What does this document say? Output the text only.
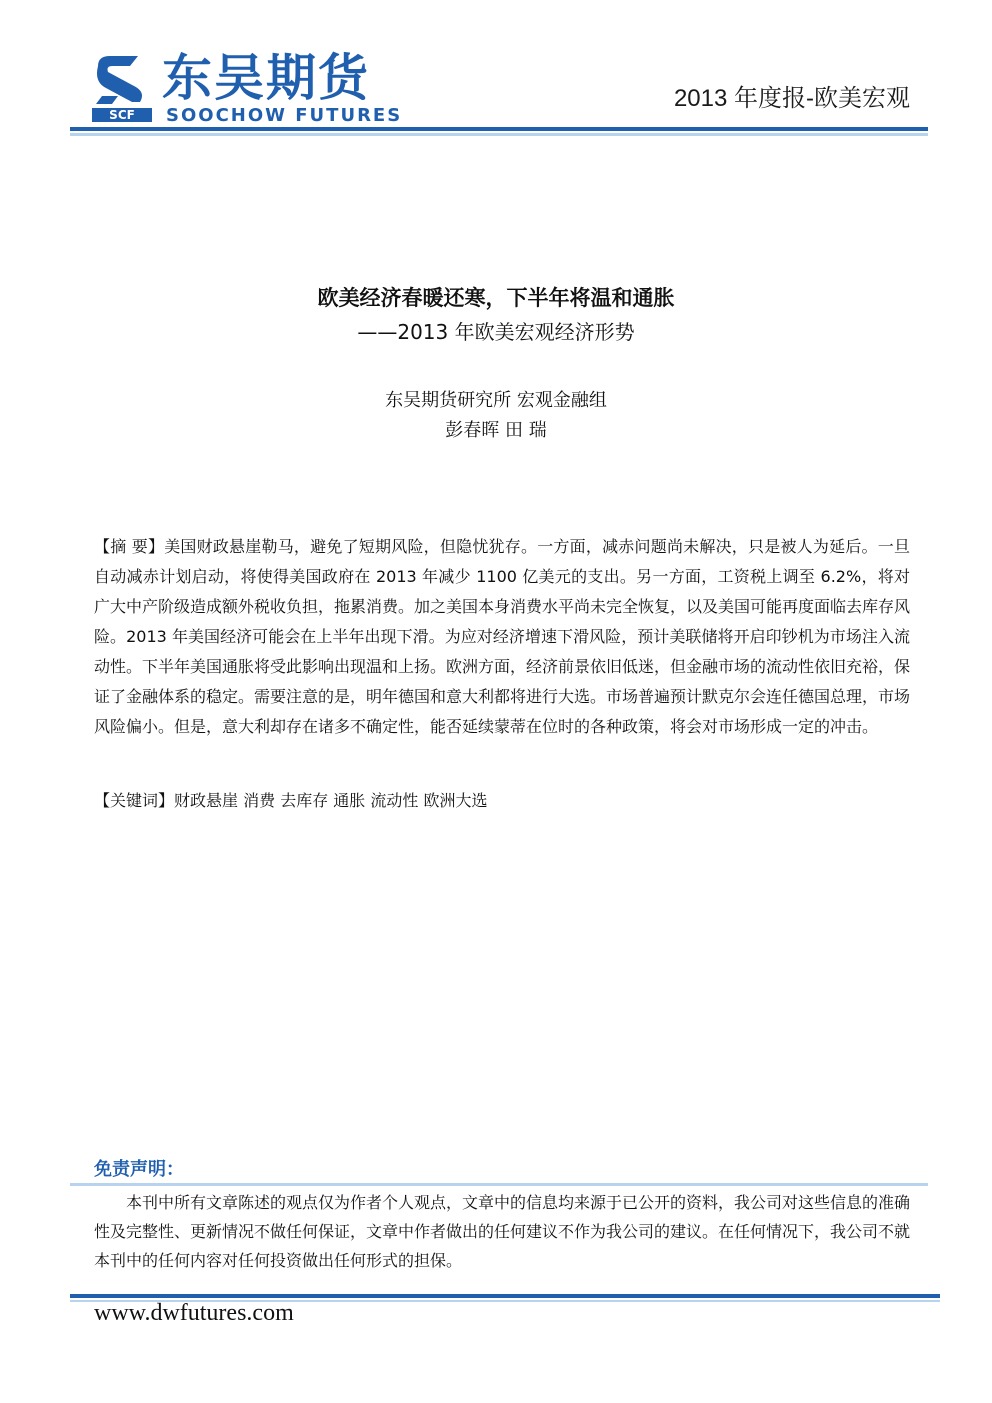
SCF
东吴期货
SOOCHOW FUTURES
2013 年度报-欧美宏观
欧美经济春暖还寒，下半年将温和通胀
——2013 年欧美宏观经济形势
东吴期货研究所 宏观金融组
彭春晖 田 瑞
【摘 要】美国财政悬崖勒马，避免了短期风险，但隐忧犹存。一方面，减赤问题尚未解决，只是被人为延后。一旦自动减赤计划启动，将使得美国政府在 2013 年减少 1100 亿美元的支出。另一方面，工资税上调至 6.2%，将对广大中产阶级造成额外税收负担，拖累消费。加之美国本身消费水平尚未完全恢复，以及美国可能再度面临去库存风险。2013 年美国经济可能会在上半年出现下滑。为应对经济增速下滑风险，预计美联储将开启印钞机为市场注入流动性。下半年美国通胀将受此影响出现温和上扬。欧洲方面，经济前景依旧低迷，但金融市场的流动性依旧充裕，保证了金融体系的稳定。需要注意的是，明年德国和意大利都将进行大选。市场普遍预计默克尔会连任德国总理，市场风险偏小。但是，意大利却存在诸多不确定性，能否延续蒙蒂在位时的各种政策，将会对市场形成一定的冲击。
【关键词】财政悬崖 消费 去库存 通胀 流动性 欧洲大选
免责声明：
本刊中所有文章陈述的观点仅为作者个人观点，文章中的信息均来源于已公开的资料，我公司对这些信息的准确性及完整性、更新情况不做任何保证，文章中作者做出的任何建议不作为我公司的建议。在任何情况下，我公司不就本刊中的任何内容对任何投资做出任何形式的担保。
www.dwfutures.com
